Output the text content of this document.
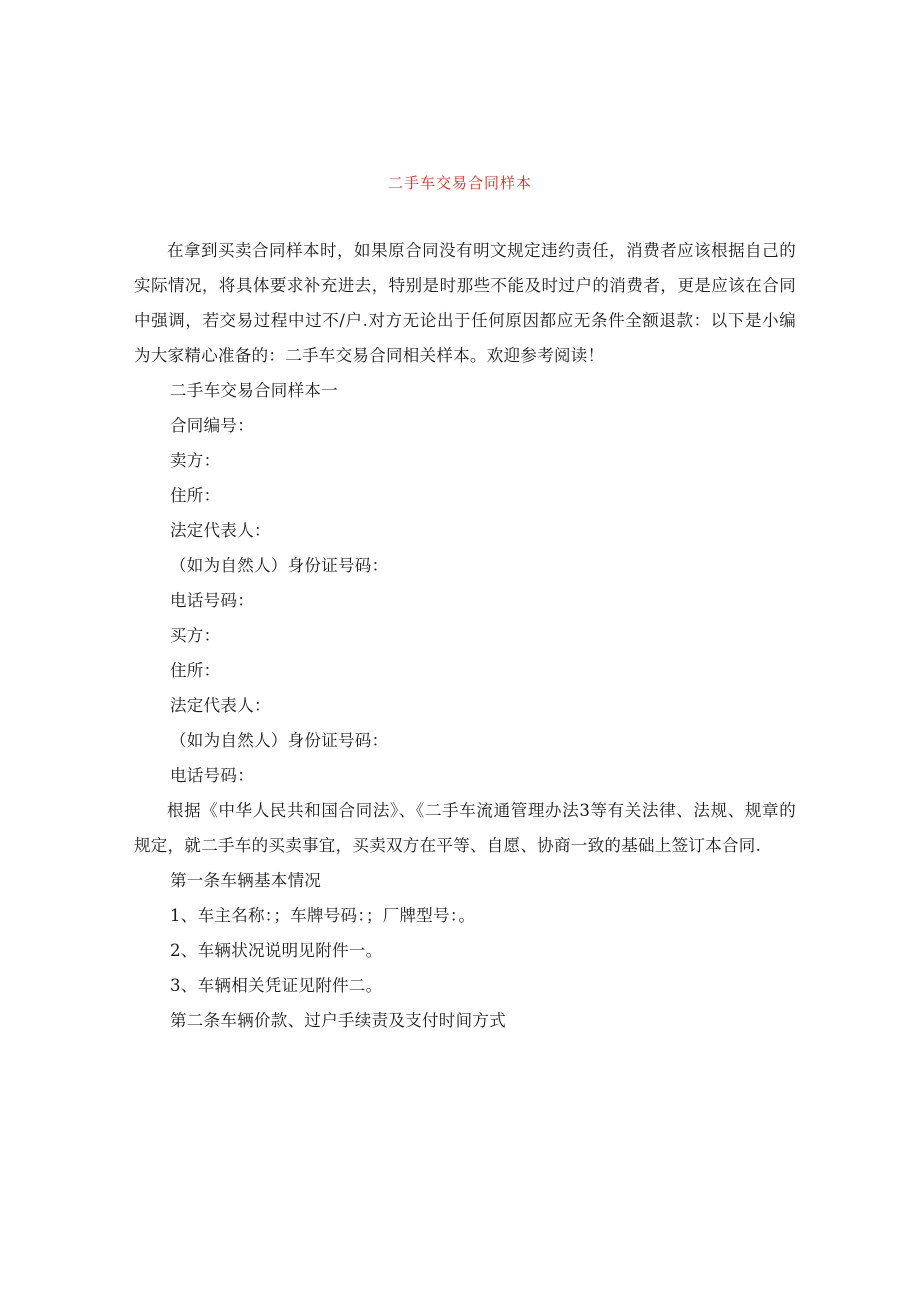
二手车交易合同样本

在拿到买卖合同样本时，如果原合同没有明文规定违约责任，消费者应该根据自己的实际情况，将具体要求补充进去，特别是时那些不能及时过户的消费者，更是应该在合同中强调，若交易过程中过不/户.对方无论出于任何原因都应无条件全额退款：以下是小编为大家精心准备的：二手车交易合同相关样本。欢迎参考阅读！

二手车交易合同样本一

合同编号：

卖方：

住所：

法定代表人：

（如为自然人）身份证号码：

电话号码：

买方：

住所：

法定代表人：

（如为自然人）身份证号码：

电话号码：

根据《中华人民共和国合同法》、《二手车流通管理办法3等有关法律、法规、规章的规定，就二手车的买卖事宜，买卖双方在平等、自愿、协商一致的基础上签订本合同.

第一条车辆基本情况

1、车主名称：；车牌号码：；厂牌型号：。

2、车辆状况说明见附件一。

3、车辆相关凭证见附件二。

第二条车辆价款、过户手续责及支付时间方式
